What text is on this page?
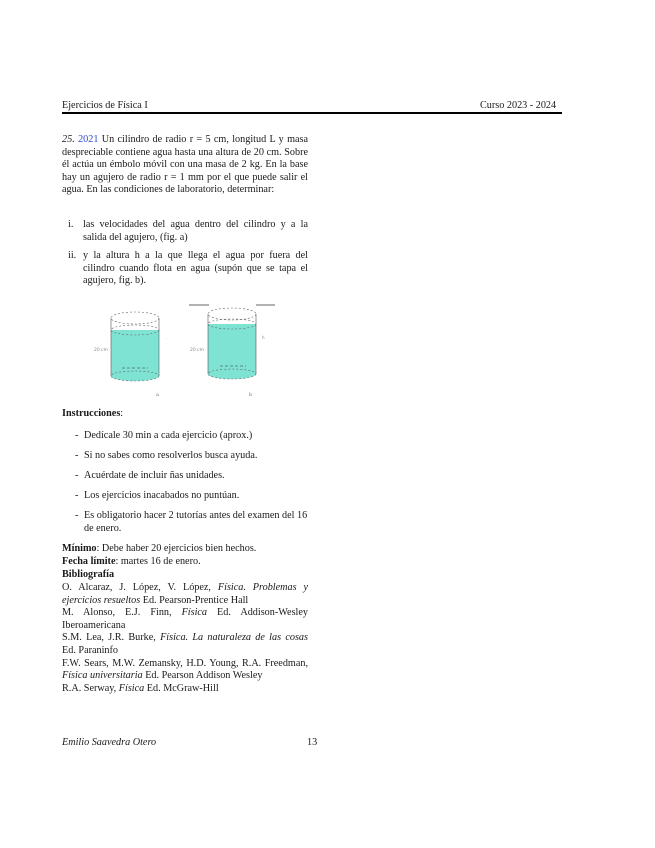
Ejercicios de Física I	Curso 2023 - 2024
25. 2021 Un cilindro de radio r = 5 cm, longitud L y masa despreciable contiene agua hasta una altura de 20 cm. Sobre él actúa un émbolo móvil con una masa de 2 kg. En la base hay un agujero de radio r = 1 mm por el que puede salir el agua. En las condiciones de laboratorio, determinar:
i. las velocidades del agua dentro del cilindro y a la salida del agujero, (fig. a)
ii. y la altura h a la que llega el agua por fuera del cilindro cuando flota en agua (supón que se tapa el agujero, fig. b).
20 cm
.
20 cm
h
a	b
Instrucciones:
- Dedícale 30 min a cada ejercicio (aprox.)
- Si no sabes como resolverlos busca ayuda.
- Acuérdate de incluir ñas unidades.
- Los ejercicios inacabados no puntúan.
- Es obligatorio hacer 2 tutorías antes del examen del 16 de enero.
Mínimo: Debe haber 20 ejercicios bien hechos.
Fecha límite: martes 16 de enero.
Bibliografía
O. Alcaraz, J. López, V. López, Física. Problemas y ejercicios resueltos Ed. Pearson-Prentice Hall
M. Alonso, E.J. Finn, Física Ed. Addison-Wesley Iberoamericana
S.M. Lea, J.R. Burke, Física. La naturaleza de las cosas Ed. Paraninfo
F.W. Sears, M.W. Zemansky, H.D. Young, R.A. Freedman, Física universitaria Ed. Pearson Addison Wesley
R.A. Serway, Física Ed. McGraw-Hill
Emilio Saavedra Otero	13
